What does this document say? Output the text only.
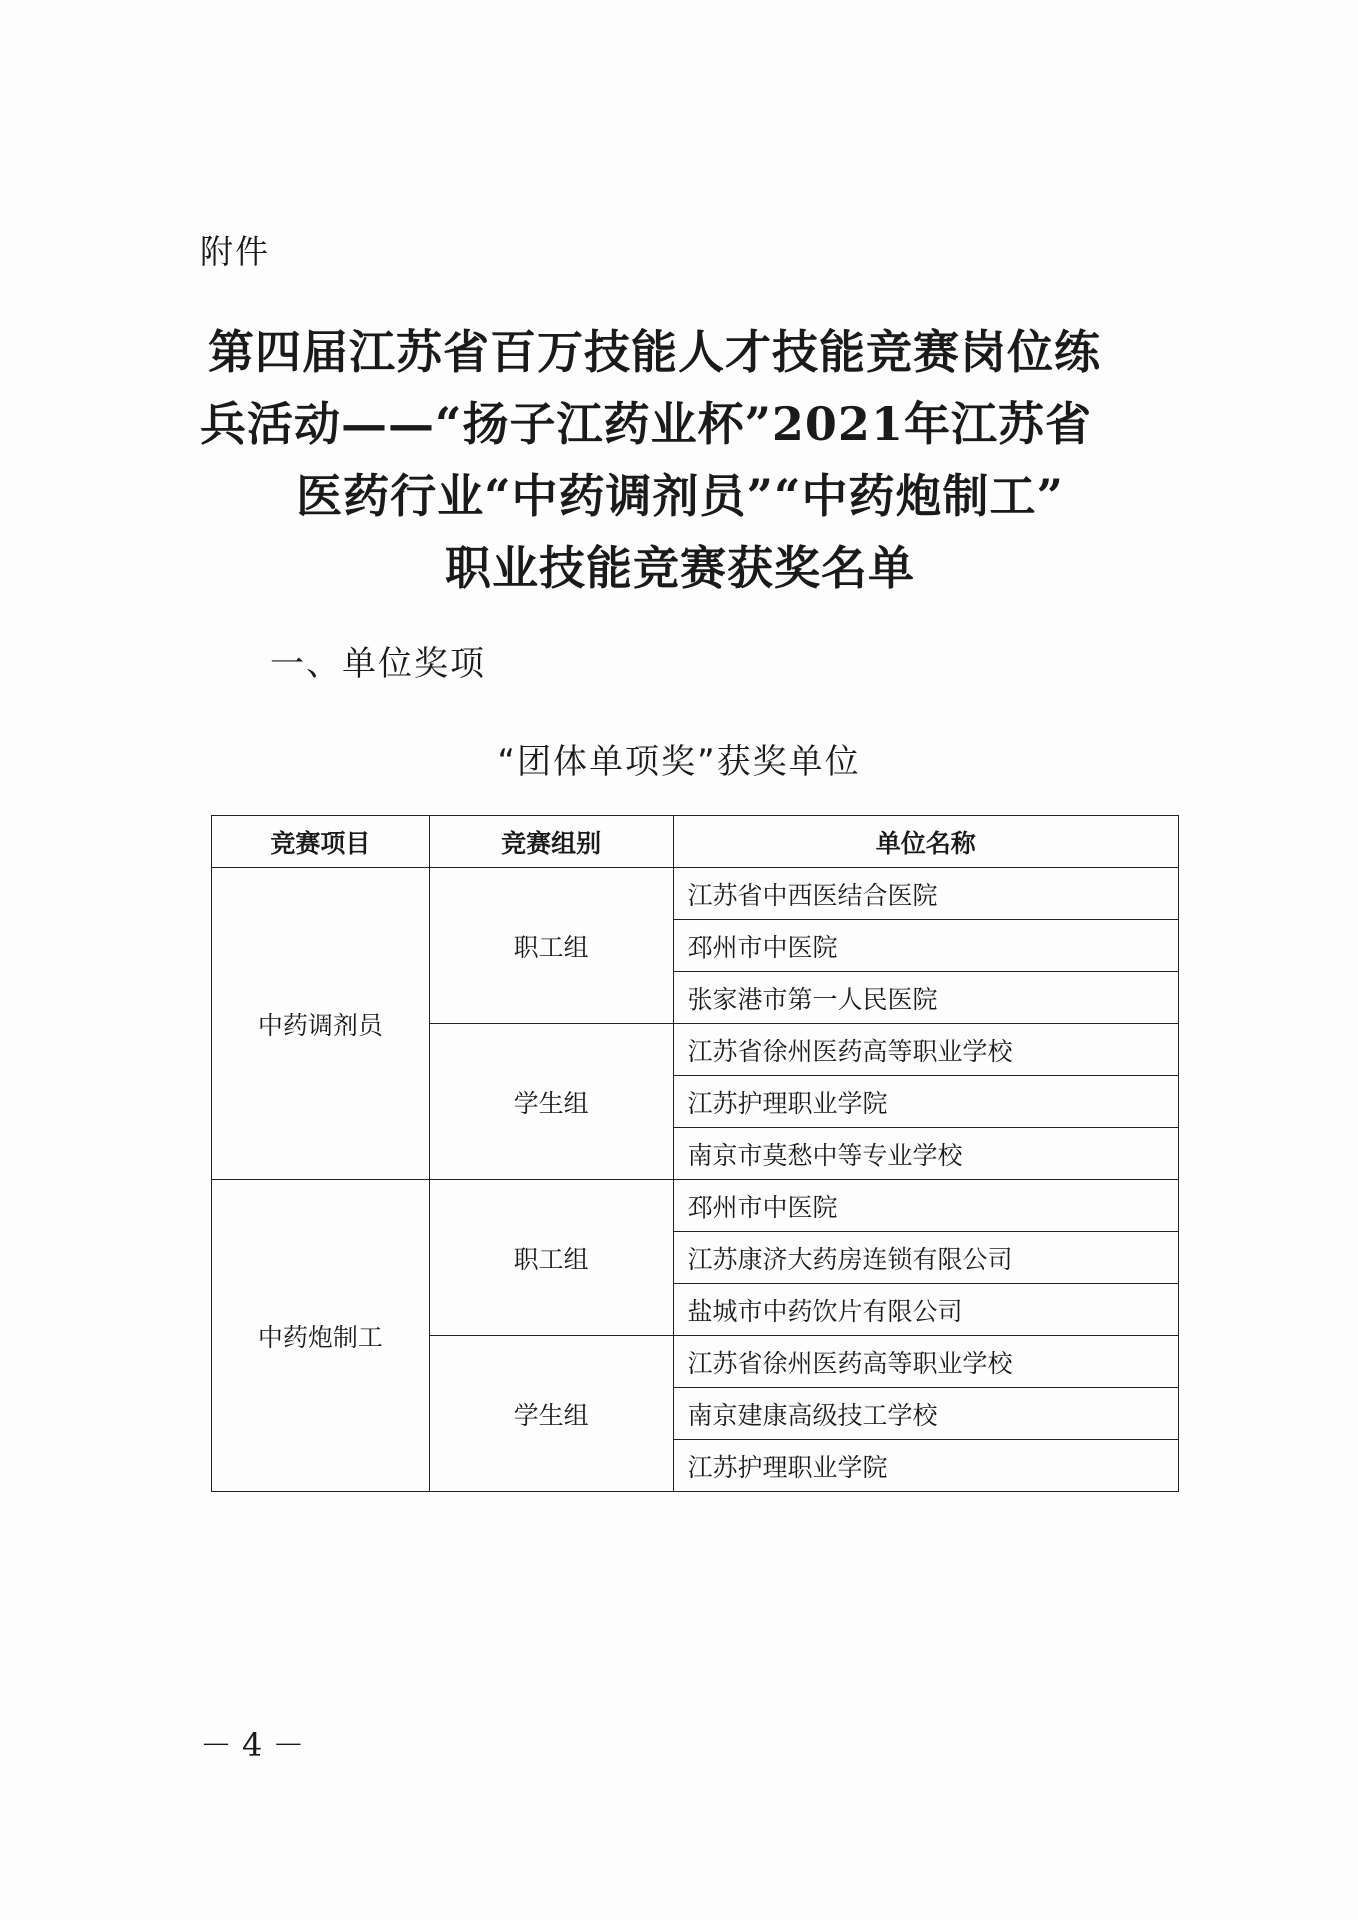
附件
第四届江苏省百万技能人才技能竞赛岗位练
兵活动——“扬子江药业杯”2021年江苏省
医药行业“中药调剂员”“中药炮制工”
职业技能竞赛获奖名单
一、单位奖项
“团体单项奖”获奖单位
竞赛项目	竞赛组别	单位名称
中药调剂员	职工组	江苏省中西医结合医院
		邳州市中医院
		张家港市第一人民医院
	学生组	江苏省徐州医药高等职业学校
		江苏护理职业学院
		南京市莫愁中等专业学校
中药炮制工	职工组	邳州市中医院
		江苏康济大药房连锁有限公司
		盐城市中药饮片有限公司
	学生组	江苏省徐州医药高等职业学校
		南京建康高级技工学校
		江苏护理职业学院
－4－
